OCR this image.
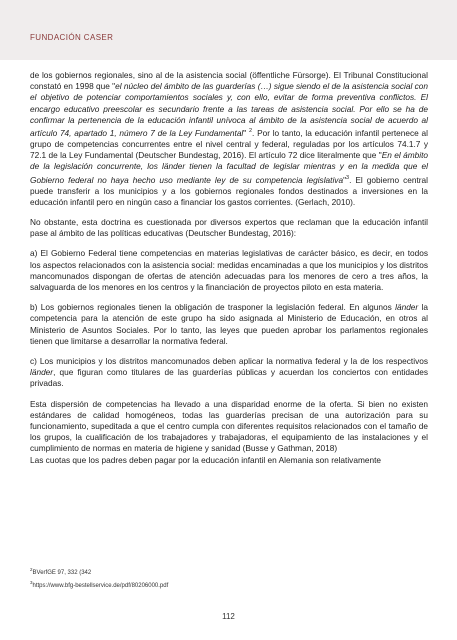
FUNDACIÓN CASER

de los gobiernos regionales, sino al de la asistencia social (öffentliche Fürsorge). El Tribunal Constitucional constató en 1998 que "el núcleo del ámbito de las guarderías (…) sigue siendo el de la asistencia social con el objetivo de potenciar comportamientos sociales y, con ello, evitar de forma preventiva conflictos. El encargo educativo preescolar es secundario frente a las tareas de asistencia social. Por ello se ha de confirmar la pertenencia de la educación infantil unívoca al ámbito de la asistencia social de acuerdo al artículo 74, apartado 1, número 7 de la Ley Fundamental" $^2$. Por lo tanto, la educación infantil pertenece al grupo de competencias concurrentes entre el nivel central y federal, reguladas por los artículos 74.1.7 y 72.1 de la Ley Fundamental (Deutscher Bundestag, 2016). El artículo 72 dice literalmente que "En el ámbito de la legislación concurrente, los länder tienen la facultad de legislar mientras y en la medida que el Gobierno federal no haya hecho uso mediante ley de su competencia legislativa"$^3$. El gobierno central puede transferir a los municipios y a los gobiernos regionales fondos destinados a inversiones en la educación infantil pero en ningún caso a financiar los gastos corrientes. (Gerlach, 2010).

No obstante, esta doctrina es cuestionada por diversos expertos que reclaman que la educación infantil pase al ámbito de las políticas educativas (Deutscher Bundestag, 2016):

a) El Gobierno Federal tiene competencias en materias legislativas de carácter básico, es decir, en todos los aspectos relacionados con la asistencia social: medidas encaminadas a que los municipios y los distritos mancomunados dispongan de ofertas de atención adecuadas para los menores de cero a tres años, la salvaguarda de los menores en los centros y la financiación de proyectos piloto en esta materia.

b) Los gobiernos regionales tienen la obligación de trasponer la legislación federal. En algunos länder la competencia para la atención de este grupo ha sido asignada al Ministerio de Educación, en otros al Ministerio de Asuntos Sociales. Por lo tanto, las leyes que pueden aprobar los parlamentos regionales tienen que limitarse a desarrollar la normativa federal.

c) Los municipios y los distritos mancomunados deben aplicar la normativa federal y la de los respectivos länder, que figuran como titulares de las guarderías públicas y acuerdan los conciertos con entidades privadas.

Esta dispersión de competencias ha llevado a una disparidad enorme de la oferta. Si bien no existen estándares de calidad homogéneos, todas las guarderías precisan de una autorización para su funcionamiento, supeditada a que el centro cumpla con diferentes requisitos relacionados con el tamaño de los grupos, la cualificación de los trabajadores y trabajadoras, el equipamiento de las instalaciones y el cumplimiento de normas en materia de higiene y sanidad (Busse y Gathman, 2018)

Las cuotas que los padres deben pagar por la educación infantil en Alemania son relativamente

$^2$BVerfGE 97, 332 (342
$^3$https://www.bfg-bestellservice.de/pdf/80206000.pdf
112
